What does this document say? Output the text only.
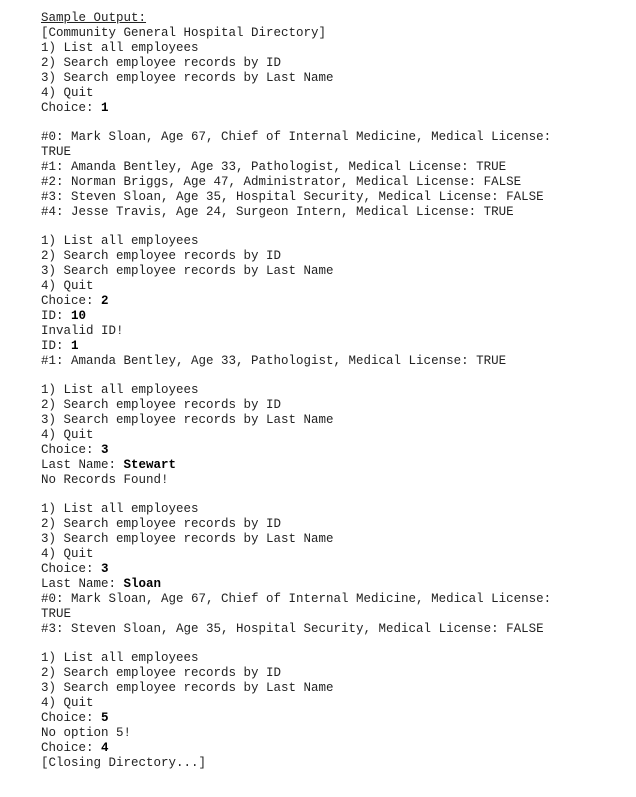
Sample Output:
[Community General Hospital Directory]
1) List all employees
2) Search employee records by ID
3) Search employee records by Last Name
4) Quit
Choice: 1
#0: Mark Sloan, Age 67, Chief of Internal Medicine, Medical License:
TRUE
#1: Amanda Bentley, Age 33, Pathologist, Medical License: TRUE
#2: Norman Briggs, Age 47, Administrator, Medical License: FALSE
#3: Steven Sloan, Age 35, Hospital Security, Medical License: FALSE
#4: Jesse Travis, Age 24, Surgeon Intern, Medical License: TRUE
1) List all employees
2) Search employee records by ID
3) Search employee records by Last Name
4) Quit
Choice: 2
ID: 10
Invalid ID!
ID: 1
#1: Amanda Bentley, Age 33, Pathologist, Medical License: TRUE
1) List all employees
2) Search employee records by ID
3) Search employee records by Last Name
4) Quit
Choice: 3
Last Name: Stewart
No Records Found!
1) List all employees
2) Search employee records by ID
3) Search employee records by Last Name
4) Quit
Choice: 3
Last Name: Sloan
#0: Mark Sloan, Age 67, Chief of Internal Medicine, Medical License:
TRUE
#3: Steven Sloan, Age 35, Hospital Security, Medical License: FALSE
1) List all employees
2) Search employee records by ID
3) Search employee records by Last Name
4) Quit
Choice: 5
No option 5!
Choice: 4
[Closing Directory...]
